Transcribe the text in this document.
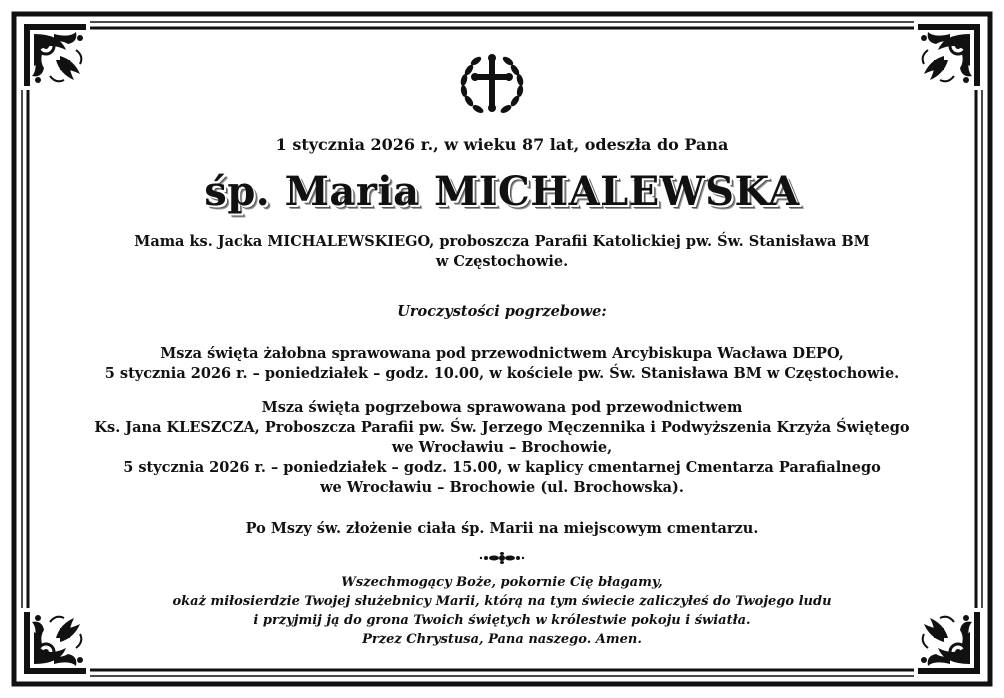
1 stycznia 2026 r., w wieku 87 lat, odeszła do Pana
śp. Maria MICHALEWSKA
Mama ks. Jacka MICHALEWSKIEGO, proboszcza Parafii Katolickiej pw. Św. Stanisława BM
w Częstochowie.
Uroczystości pogrzebowe:
Msza święta żałobna sprawowana pod przewodnictwem Arcybiskupa Wacława DEPO,
5 stycznia 2026 r. – poniedziałek – godz. 10.00, w kościele pw. Św. Stanisława BM w Częstochowie.
Msza święta pogrzebowa sprawowana pod przewodnictwem
Ks. Jana KLESZCZA, Proboszcza Parafii pw. Św. Jerzego Męczennika i Podwyższenia Krzyża Świętego
we Wrocławiu – Brochowie,
5 stycznia 2026 r. – poniedziałek – godz. 15.00, w kaplicy cmentarnej Cmentarza Parafialnego
we Wrocławiu – Brochowie (ul. Brochowska).
Po Mszy św. złożenie ciała śp. Marii na miejscowym cmentarzu.
Wszechmogący Boże, pokornie Cię błagamy,
okaż miłosierdzie Twojej służebnicy Marii, którą na tym świecie zaliczyłeś do Twojego ludu
i przyjmij ją do grona Twoich świętych w królestwie pokoju i światła.
Przez Chrystusa, Pana naszego. Amen.
